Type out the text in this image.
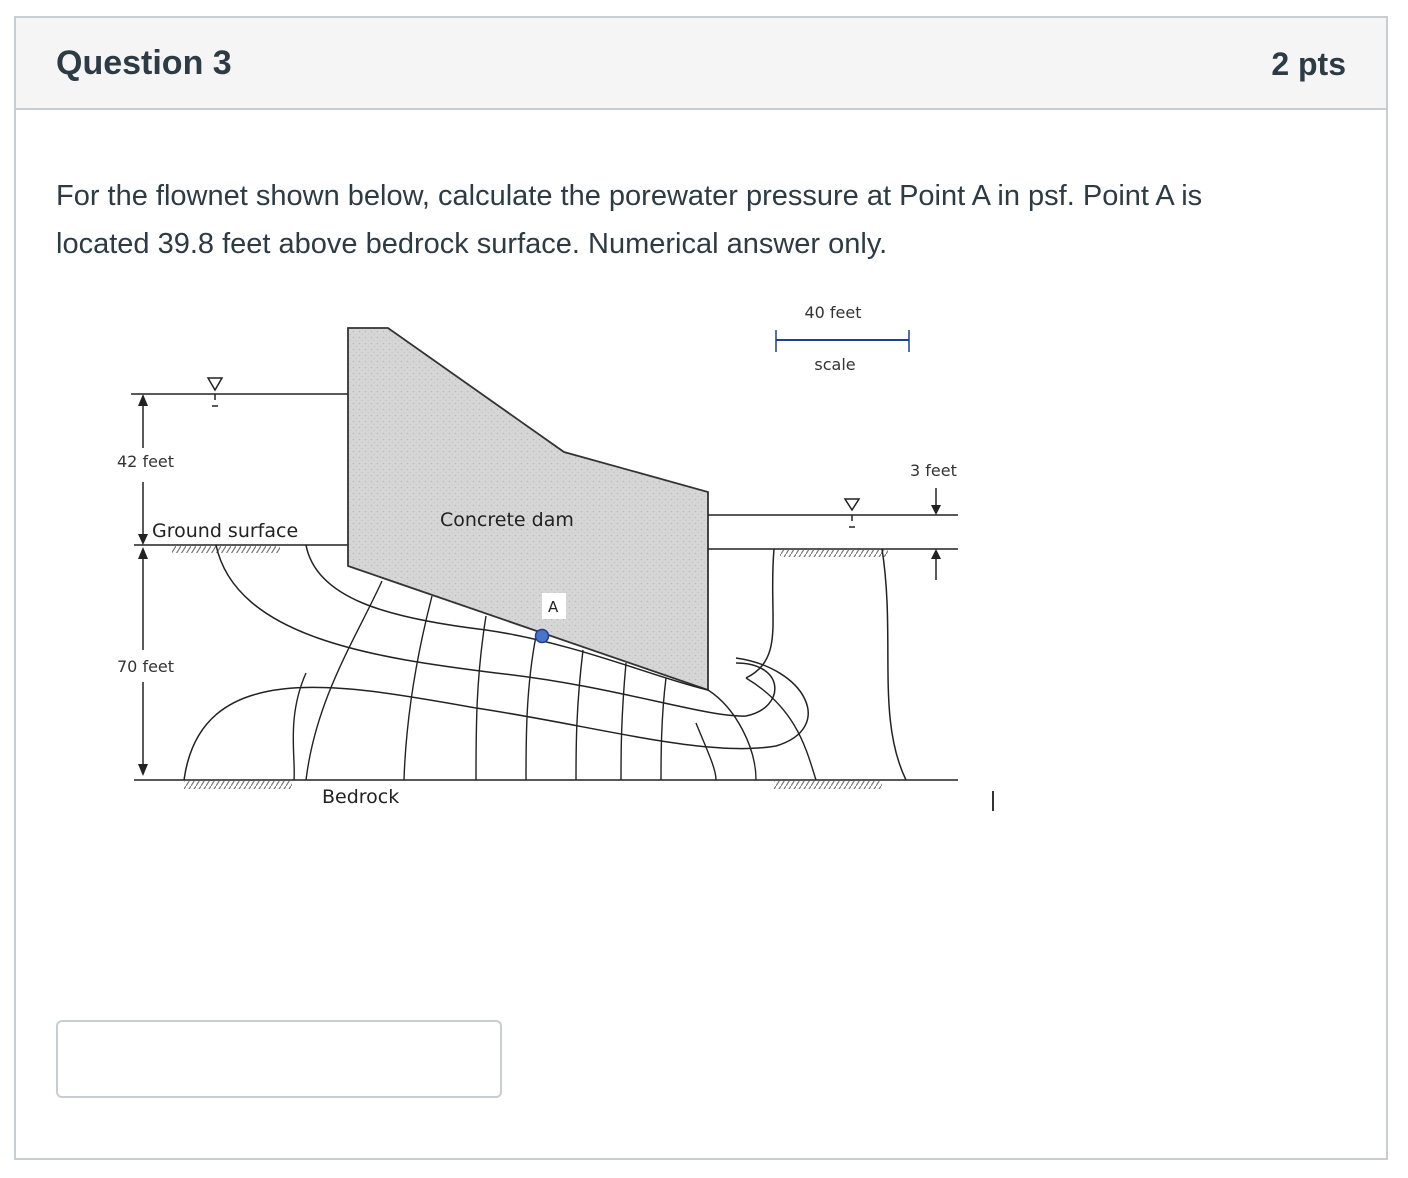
Question 3	2 pts
For the flownet shown below, calculate the porewater pressure at Point A in psf. Point A is
located 39.8 feet above bedrock surface. Numerical answer only.
40 feet
scale
42 feet
Ground surface
70 feet
Bedrock
Concrete dam
3 feet
A
